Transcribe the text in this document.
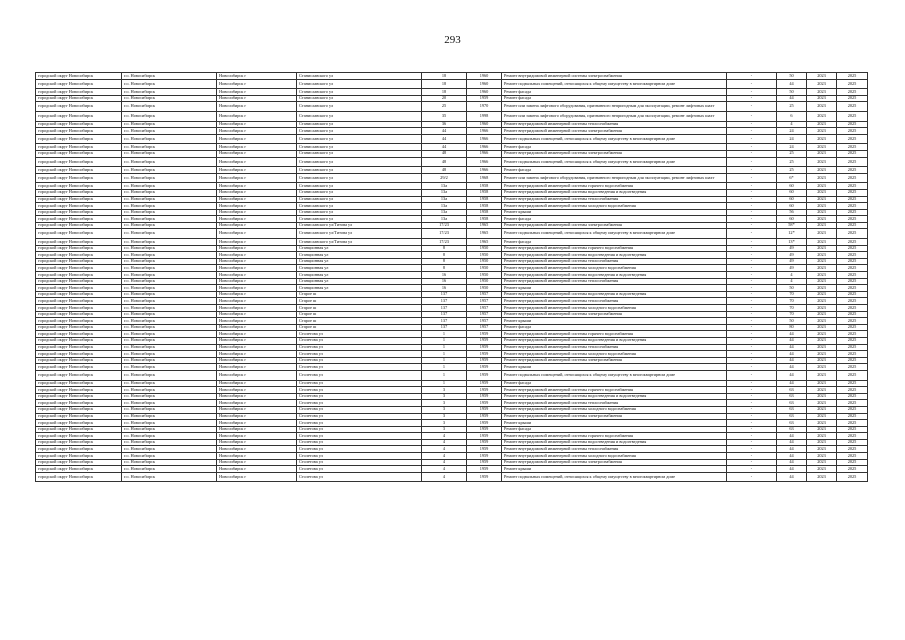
293
городской округ Новосибирск	г.о. Новосибирск	Новосибирск г	Станиславского ул	18	1960	Ремонт внутридомовой инженерной системы электроснабжения	-	50	2023	2025
городской округ Новосибирск	г.о. Новосибирск	Новосибирск г	Станиславского ул	18	1960	Ремонт подвальных помещений, относящихся к общему имуществу в многоквартирном доме	-	44	2023	2025
городской округ Новосибирск	г.о. Новосибирск	Новосибирск г	Станиславского ул	18	1960	Ремонт фасада	-	50	2023	2025
городской округ Новосибирск	г.о. Новосибирск	Новосибирск г	Станиславского ул	20	1959	Ремонт фасада	-	44	2023	2025
городской округ Новосибирск	г.о. Новосибирск	Новосибирск г	Станиславского ул	25	1970	Ремонт или замена лифтового оборудования, признанного непригодным для эксплуатации, ремонт лифтовых шахт	-	25	2023	2025
городской округ Новосибирск	г.о. Новосибирск	Новосибирск г	Станиславского ул	35	1998	Ремонт или замена лифтового оборудования, признанного непригодным для эксплуатации, ремонт лифтовых шахт	-	6	2023	2025
городской округ Новосибирск	г.о. Новосибирск	Новосибирск г	Станиславского ул	36	1960	Ремонт внутридомовой инженерной системы теплоснабжения	-	4	2023	2025
городской округ Новосибирск	г.о. Новосибирск	Новосибирск г	Станиславского ул	44	1966	Ремонт внутридомовой инженерной системы электроснабжения	-	24	2023	2025
городской округ Новосибирск	г.о. Новосибирск	Новосибирск г	Станиславского ул	44	1966	Ремонт подвальных помещений, относящихся к общему имуществу в многоквартирном доме	-	24	2023	2025
городской округ Новосибирск	г.о. Новосибирск	Новосибирск г	Станиславского ул	44	1966	Ремонт фасада	-	24	2023	2025
городской округ Новосибирск	г.о. Новосибирск	Новосибирск г	Станиславского ул	48	1966	Ремонт внутридомовой инженерной системы электроснабжения	-	25	2023	2025
городской округ Новосибирск	г.о. Новосибирск	Новосибирск г	Станиславского ул	48	1966	Ремонт подвальных помещений, относящихся к общему имуществу в многоквартирном доме	-	25	2023	2025
городской округ Новосибирск	г.о. Новосибирск	Новосибирск г	Станиславского ул	48	1966	Ремонт фасада	-	25	2023	2025
городской округ Новосибирск	г.о. Новосибирск	Новосибирск г	Станиславского ул	29/2	1968	Ремонт или замена лифтового оборудования, признанного непригодным для эксплуатации, ремонт лифтовых шахт	-	6*	2023	2025
городской округ Новосибирск	г.о. Новосибирск	Новосибирск г	Станиславского ул	13а	1958	Ремонт внутридомовой инженерной системы горячего водоснабжения	-	60	2023	2025
городской округ Новосибирск	г.о. Новосибирск	Новосибирск г	Станиславского ул	13а	1958	Ремонт внутридомовой инженерной системы водоотведения и водоотведения	-	60	2023	2025
городской округ Новосибирск	г.о. Новосибирск	Новосибирск г	Станиславского ул	13а	1958	Ремонт внутридомовой инженерной системы теплоснабжения	-	60	2023	2025
городской округ Новосибирск	г.о. Новосибирск	Новосибирск г	Станиславского ул	13а	1958	Ремонт внутридомовой инженерной системы холодного водоснабжения	-	60	2023	2025
городской округ Новосибирск	г.о. Новосибирск	Новосибирск г	Станиславского ул	13а	1958	Ремонт крыши	-	56	2023	2025
городской округ Новосибирск	г.о. Новосибирск	Новосибирск г	Станиславского ул	13а	1958	Ремонт фасада	-	60	2023	2025
городской округ Новосибирск	г.о. Новосибирск	Новосибирск г	Станиславского ул/Титова ул	17/23	1965	Ремонт внутридомовой инженерной системы электроснабжения	-	58*	2023	2025
городской округ Новосибирск	г.о. Новосибирск	Новосибирск г	Станиславского ул/Титова ул	17/23	1965	Ремонт подвальных помещений, относящихся к общему имуществу в многоквартирном доме	-	12*	2023	2025
городской округ Новосибирск	г.о. Новосибирск	Новосибирск г	Станиславского ул/Титова ул	17/23	1965	Ремонт фасада	-	13*	2023	2025
городской округ Новосибирск	г.о. Новосибирск	Новосибирск г	Станционная ул	8	1950	Ремонт внутридомовой инженерной системы горячего водоснабжения	-	49	2023	2025
городской округ Новосибирск	г.о. Новосибирск	Новосибирск г	Станционная ул	8	1950	Ремонт внутридомовой инженерной системы водоотведения и водоотведения	-	49	2023	2025
городской округ Новосибирск	г.о. Новосибирск	Новосибирск г	Станционная ул	8	1950	Ремонт внутридомовой инженерной системы теплоснабжения	-	49	2023	2025
городской округ Новосибирск	г.о. Новосибирск	Новосибирск г	Станционная ул	8	1950	Ремонт внутридомовой инженерной системы холодного водоснабжения	-	49	2023	2025
городской округ Новосибирск	г.о. Новосибирск	Новосибирск г	Станционная ул	16	1950	Ремонт внутридомовой инженерной системы водоотведения и водоотведения	-	4	2023	2025
городской округ Новосибирск	г.о. Новосибирск	Новосибирск г	Станционная ул	16	1950	Ремонт внутридомовой инженерной системы теплоснабжения	-	4	2023	2025
городской округ Новосибирск	г.о. Новосибирск	Новосибирск г	Станционная ул	16	1950	Ремонт крыши	-	50	2023	2025
городской округ Новосибирск	г.о. Новосибирск	Новосибирск г	Старое ш	137	1957	Ремонт внутридомовой инженерной системы водоотведения и водоотведения	-	70	2023	2025
городской округ Новосибирск	г.о. Новосибирск	Новосибирск г	Старое ш	137	1957	Ремонт внутридомовой инженерной системы теплоснабжения	-	70	2023	2025
городской округ Новосибирск	г.о. Новосибирск	Новосибирск г	Старое ш	137	1957	Ремонт внутридомовой инженерной системы холодного водоснабжения	-	70	2023	2025
городской округ Новосибирск	г.о. Новосибирск	Новосибирск г	Старое ш	137	1957	Ремонт внутридомовой инженерной системы электроснабжения	-	70	2023	2025
городской округ Новосибирск	г.о. Новосибирск	Новосибирск г	Старое ш	137	1957	Ремонт крыши	-	50	2023	2025
городской округ Новосибирск	г.о. Новосибирск	Новосибирск г	Старое ш	137	1957	Ремонт фасада	-	80	2023	2025
городской округ Новосибирск	г.о. Новосибирск	Новосибирск г	Столетова ул	1	1959	Ремонт внутридомовой инженерной системы горячего водоснабжения	-	44	2023	2025
городской округ Новосибирск	г.о. Новосибирск	Новосибирск г	Столетова ул	1	1959	Ремонт внутридомовой инженерной системы водоотведения и водоотведения	-	44	2023	2025
городской округ Новосибирск	г.о. Новосибирск	Новосибирск г	Столетова ул	1	1959	Ремонт внутридомовой инженерной системы теплоснабжения	-	44	2023	2025
городской округ Новосибирск	г.о. Новосибирск	Новосибирск г	Столетова ул	1	1959	Ремонт внутридомовой инженерной системы холодного водоснабжения	-	44	2023	2025
городской округ Новосибирск	г.о. Новосибирск	Новосибирск г	Столетова ул	1	1959	Ремонт внутридомовой инженерной системы электроснабжения	-	44	2023	2025
городской округ Новосибирск	г.о. Новосибирск	Новосибирск г	Столетова ул	1	1959	Ремонт крыши	-	44	2023	2025
городской округ Новосибирск	г.о. Новосибирск	Новосибирск г	Столетова ул	1	1959	Ремонт подвальных помещений, относящихся к общему имуществу в многоквартирном доме	-	44	2023	2025
городской округ Новосибирск	г.о. Новосибирск	Новосибирск г	Столетова ул	1	1959	Ремонт фасада	-	44	2023	2025
городской округ Новосибирск	г.о. Новосибирск	Новосибирск г	Столетова ул	3	1959	Ремонт внутридомовой инженерной системы горячего водоснабжения	-	63	2023	2025
городской округ Новосибирск	г.о. Новосибирск	Новосибирск г	Столетова ул	3	1959	Ремонт внутридомовой инженерной системы водоотведения и водоотведения	-	63	2023	2025
городской округ Новосибирск	г.о. Новосибирск	Новосибирск г	Столетова ул	3	1959	Ремонт внутридомовой инженерной системы теплоснабжения	-	63	2023	2025
городской округ Новосибирск	г.о. Новосибирск	Новосибирск г	Столетова ул	3	1959	Ремонт внутридомовой инженерной системы холодного водоснабжения	-	63	2023	2025
городской округ Новосибирск	г.о. Новосибирск	Новосибирск г	Столетова ул	3	1959	Ремонт внутридомовой инженерной системы электроснабжения	-	63	2023	2025
городской округ Новосибирск	г.о. Новосибирск	Новосибирск г	Столетова ул	3	1959	Ремонт крыши	-	63	2023	2025
городской округ Новосибирск	г.о. Новосибирск	Новосибирск г	Столетова ул	3	1959	Ремонт фасада	-	63	2023	2025
городской округ Новосибирск	г.о. Новосибирск	Новосибирск г	Столетова ул	4	1959	Ремонт внутридомовой инженерной системы горячего водоснабжения	-	44	2023	2025
городской округ Новосибирск	г.о. Новосибирск	Новосибирск г	Столетова ул	4	1959	Ремонт внутридомовой инженерной системы водоотведения и водоотведения	-	44	2023	2025
городской округ Новосибирск	г.о. Новосибирск	Новосибирск г	Столетова ул	4	1959	Ремонт внутридомовой инженерной системы теплоснабжения	-	44	2023	2025
городской округ Новосибирск	г.о. Новосибирск	Новосибирск г	Столетова ул	4	1959	Ремонт внутридомовой инженерной системы холодного водоснабжения	-	44	2023	2025
городской округ Новосибирск	г.о. Новосибирск	Новосибирск г	Столетова ул	4	1959	Ремонт внутридомовой инженерной системы электроснабжения	-	44	2023	2025
городской округ Новосибирск	г.о. Новосибирск	Новосибирск г	Столетова ул	4	1959	Ремонт крыши	-	44	2023	2025
городской округ Новосибирск	г.о. Новосибирск	Новосибирск г	Столетова ул	4	1959	Ремонт подвальных помещений, относящихся к общему имуществу в многоквартирном доме	-	44	2023	2025
